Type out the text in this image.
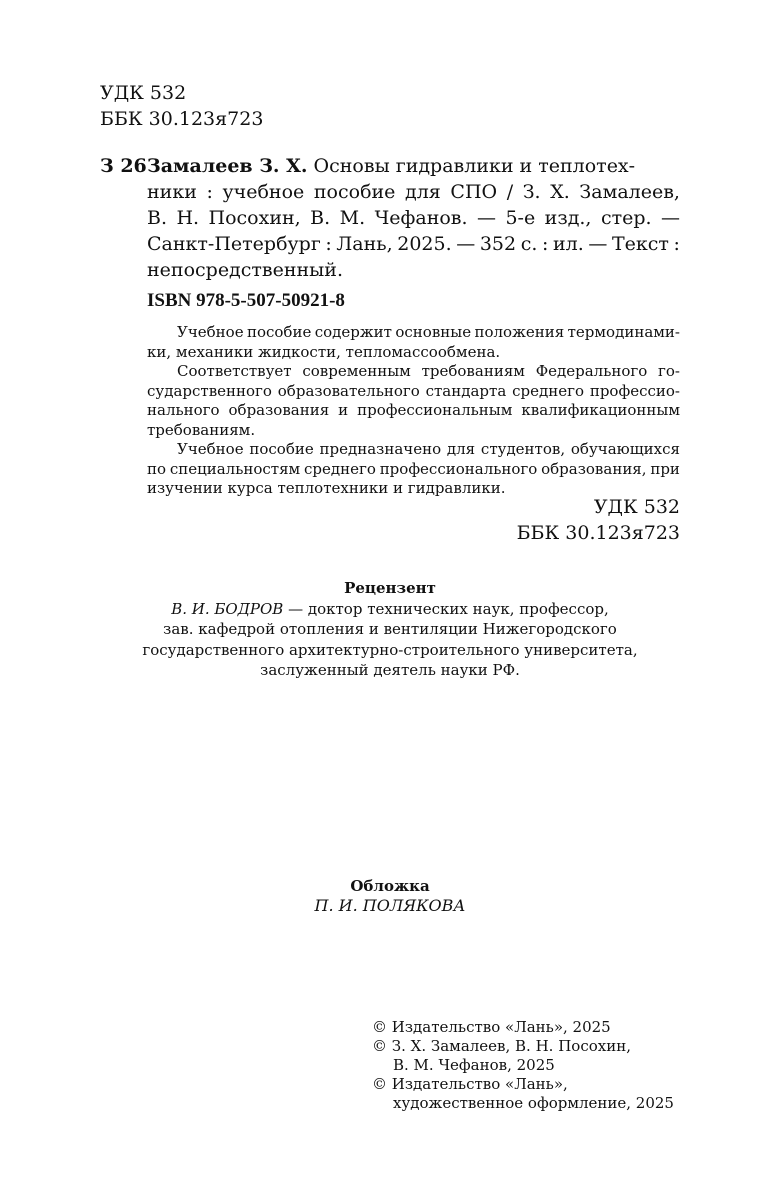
УДК 532
ББК 30.123я723
З 26 Замалеев З. Х. Основы гидравлики и теплотех-
ники : учебное пособие для СПО / З. Х. Замалеев,
В. Н. Посохин, В. М. Чефанов. — 5-е изд., стер. —
Санкт-Петербург : Лань, 2025. — 352 с. : ил. — Текст :
непосредственный.
ISBN 978-5-507-50921-8
Учебное пособие содержит основные положения термодинами-
ки, механики жидкости, тепломассообмена.
Соответствует современным требованиям Федерального го-
сударственного образовательного стандарта среднего профессио-
нального образования и профессиональным квалификационным
требованиям.
Учебное пособие предназначено для студентов, обучающихся
по специальностям среднего профессионального образования, при
изучении курса теплотехники и гидравлики.
УДК 532
ББК 30.123я723
Рецензент
В. И. БОДРОВ — доктор технических наук, профессор,
зав. кафедрой отопления и вентиляции Нижегородского
государственного архитектурно-строительного университета,
заслуженный деятель науки РФ.
Обложка
П. И. ПОЛЯКОВА
© Издательство «Лань», 2025
© З. Х. Замалеев, В. Н. Посохин,
В. М. Чефанов, 2025
© Издательство «Лань»,
художественное оформление, 2025
